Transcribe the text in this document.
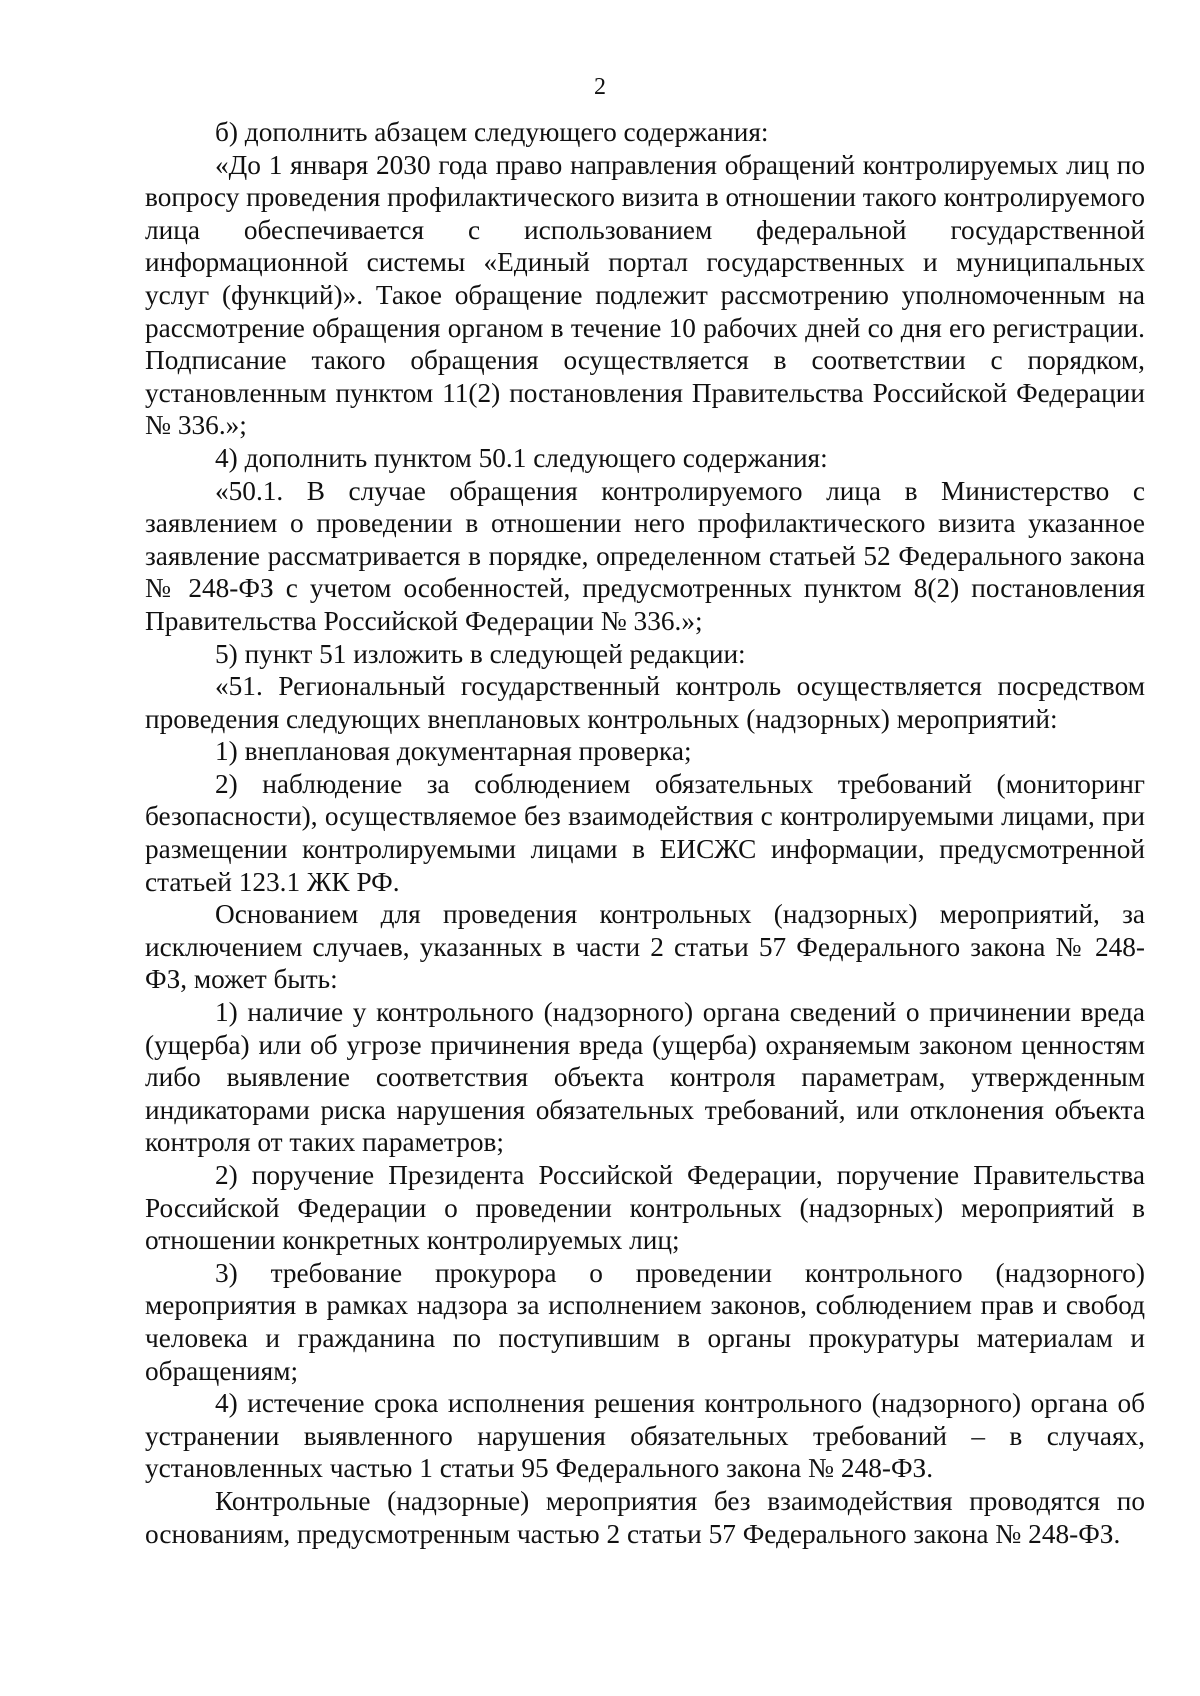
2

б) дополнить абзацем следующего содержания:

«До 1 января 2030 года право направления обращений контролируемых лиц по вопросу проведения профилактического визита в отношении такого контролируемого лица обеспечивается с использованием федеральной государственной информационной системы «Единый портал государственных и муниципальных услуг (функций)». Такое обращение подлежит рассмотрению уполномоченным на рассмотрение обращения органом в течение 10 рабочих дней со дня его регистрации. Подписание такого обращения осуществляется в соответствии с порядком, установленным пунктом 11(2) постановления Правительства Российской Федерации № 336.»;

4) дополнить пунктом 50.1 следующего содержания:

«50.1. В случае обращения контролируемого лица в Министерство с заявлением о проведении в отношении него профилактического визита указанное заявление рассматривается в порядке, определенном статьей 52 Федерального закона № 248-ФЗ с учетом особенностей, предусмотренных пунктом 8(2) постановления Правительства Российской Федерации № 336.»;

5) пункт 51 изложить в следующей редакции:

«51. Региональный государственный контроль осуществляется посредством проведения следующих внеплановых контрольных (надзорных) мероприятий:

1) внеплановая документарная проверка;

2) наблюдение за соблюдением обязательных требований (мониторинг безопасности), осуществляемое без взаимодействия с контролируемыми лицами, при размещении контролируемыми лицами в ЕИСЖС информации, предусмотренной статьей 123.1 ЖК РФ.

Основанием для проведения контрольных (надзорных) мероприятий, за исключением случаев, указанных в части 2 статьи 57 Федерального закона № 248-ФЗ, может быть:

1) наличие у контрольного (надзорного) органа сведений о причинении вреда (ущерба) или об угрозе причинения вреда (ущерба) охраняемым законом ценностям либо выявление соответствия объекта контроля параметрам, утвержденным индикаторами риска нарушения обязательных требований, или отклонения объекта контроля от таких параметров;

2) поручение Президента Российской Федерации, поручение Правительства Российской Федерации о проведении контрольных (надзорных) мероприятий в отношении конкретных контролируемых лиц;

3) требование прокурора о проведении контрольного (надзорного) мероприятия в рамках надзора за исполнением законов, соблюдением прав и свобод человека и гражданина по поступившим в органы прокуратуры материалам и обращениям;

4) истечение срока исполнения решения контрольного (надзорного) органа об устранении выявленного нарушения обязательных требований – в случаях, установленных частью 1 статьи 95 Федерального закона № 248-ФЗ.

Контрольные (надзорные) мероприятия без взаимодействия проводятся по основаниям, предусмотренным частью 2 статьи 57 Федерального закона № 248-ФЗ.
